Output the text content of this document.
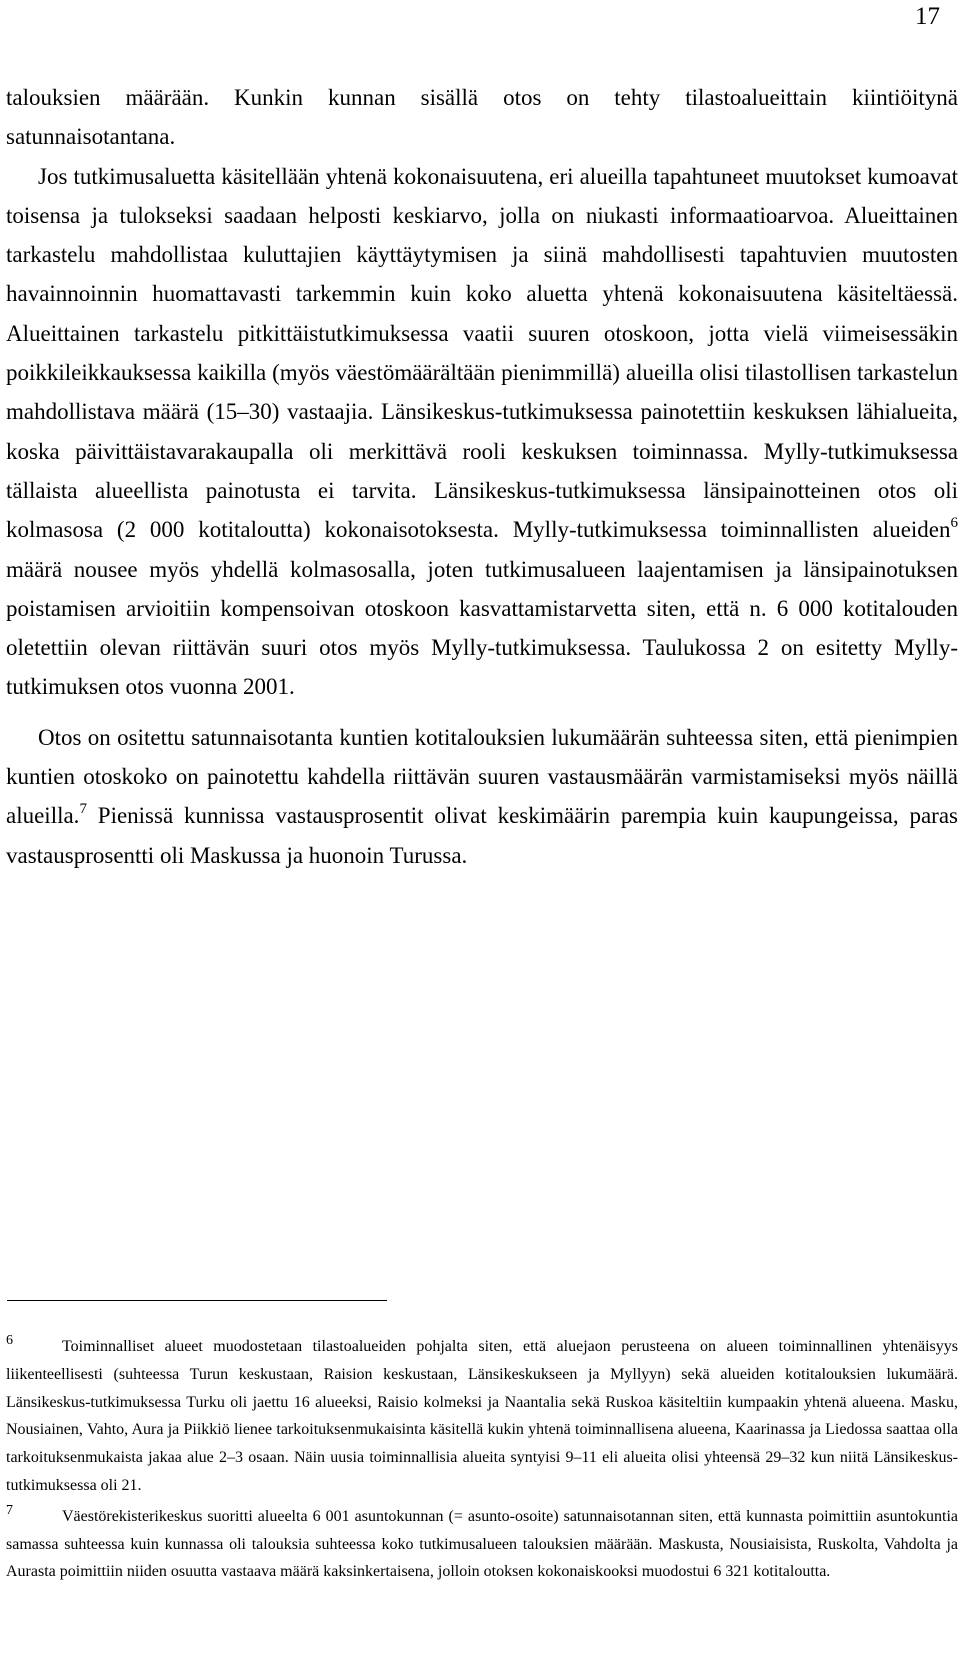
17

talouksien määrään. Kunkin kunnan sisällä otos on tehty tilastoalueittain kiintiöitynä satunnaisotantana.

Jos tutkimusaluetta käsitellään yhtenä kokonaisuutena, eri alueilla tapahtuneet muutokset kumoavat toisensa ja tulokseksi saadaan helposti keskiarvo, jolla on niukasti informaatioarvoa. Alueittainen tarkastelu mahdollistaa kuluttajien käyttäytymisen ja siinä mahdollisesti tapahtuvien muutosten havainnoinnin huomattavasti tarkemmin kuin koko aluetta yhtenä kokonaisuutena käsiteltäessä. Alueittainen tarkastelu pitkittäistutkimuksessa vaatii suuren otoskoon, jotta vielä viimeisessäkin poikkileikkauksessa kaikilla (myös väestömäärältään pienimmillä) alueilla olisi tilastollisen tarkastelun mahdollistava määrä (15–30) vastaajia. Länsikeskus-tutkimuksessa painotettiin keskuksen lähialueita, koska päivittäistavarakaupalla oli merkittävä rooli keskuksen toiminnassa. Mylly-tutkimuksessa tällaista alueellista painotusta ei tarvita. Länsikeskus-tutkimuksessa länsipainotteinen otos oli kolmasosa (2 000 kotitaloutta) kokonaisotoksesta. Mylly-tutkimuksessa toiminnallisten alueiden$^6$ määrä nousee myös yhdellä kolmasosalla, joten tutkimusalueen laajentamisen ja länsipainotuksen poistamisen arvioitiin kompensoivan otoskoon kasvattamistarvetta siten, että n. 6 000 kotitalouden oletettiin olevan riittävän suuri otos myös Mylly-tutkimuksessa. Taulukossa 2 on esitetty Mylly-tutkimuksen otos vuonna 2001.

Otos on ositettu satunnaisotanta kuntien kotitalouksien lukumäärän suhteessa siten, että pienimpien kuntien otoskoko on painotettu kahdella riittävän suuren vastausmäärän varmistamiseksi myös näillä alueilla.$^7$ Pienissä kunnissa vastausprosentit olivat keskimäärin parempia kuin kaupungeissa, paras vastausprosentti oli Maskussa ja huonoin Turussa.

6	Toiminnalliset alueet muodostetaan tilastoalueiden pohjalta siten, että aluejaon perusteena on alueen toiminnallinen yhtenäisyys liikenteellisesti (suhteessa Turun keskustaan, Raision keskustaan, Länsikeskukseen ja Myllyyn) sekä alueiden kotitalouksien lukumäärä. Länsikeskus-tutkimuksessa Turku oli jaettu 16 alueeksi, Raisio kolmeksi ja Naantalia sekä Ruskoa käsiteltiin kumpaakin yhtenä alueena. Masku, Nousiainen, Vahto, Aura ja Piikkiö lienee tarkoituksenmukaisinta käsitellä kukin yhtenä toiminnallisena alueena, Kaarinassa ja Liedossa saattaa olla tarkoituksenmukaista jakaa alue 2–3 osaan. Näin uusia toiminnallisia alueita syntyisi 9–11 eli alueita olisi yhteensä 29–32 kun niitä Länsikeskus-tutkimuksessa oli 21.

7	Väestörekisterikeskus suoritti alueelta 6 001 asuntokunnan (= asunto-osoite) satunnaisotannan siten, että kunnasta poimittiin asuntokuntia samassa suhteessa kuin kunnassa oli talouksia suhteessa koko tutkimusalueen talouksien määrään. Maskusta, Nousiaisista, Ruskolta, Vahdolta ja Aurasta poimittiin niiden osuutta vastaava määrä kaksinkertaisena, jolloin otoksen kokonaiskooksi muodostui 6 321 kotitaloutta.
